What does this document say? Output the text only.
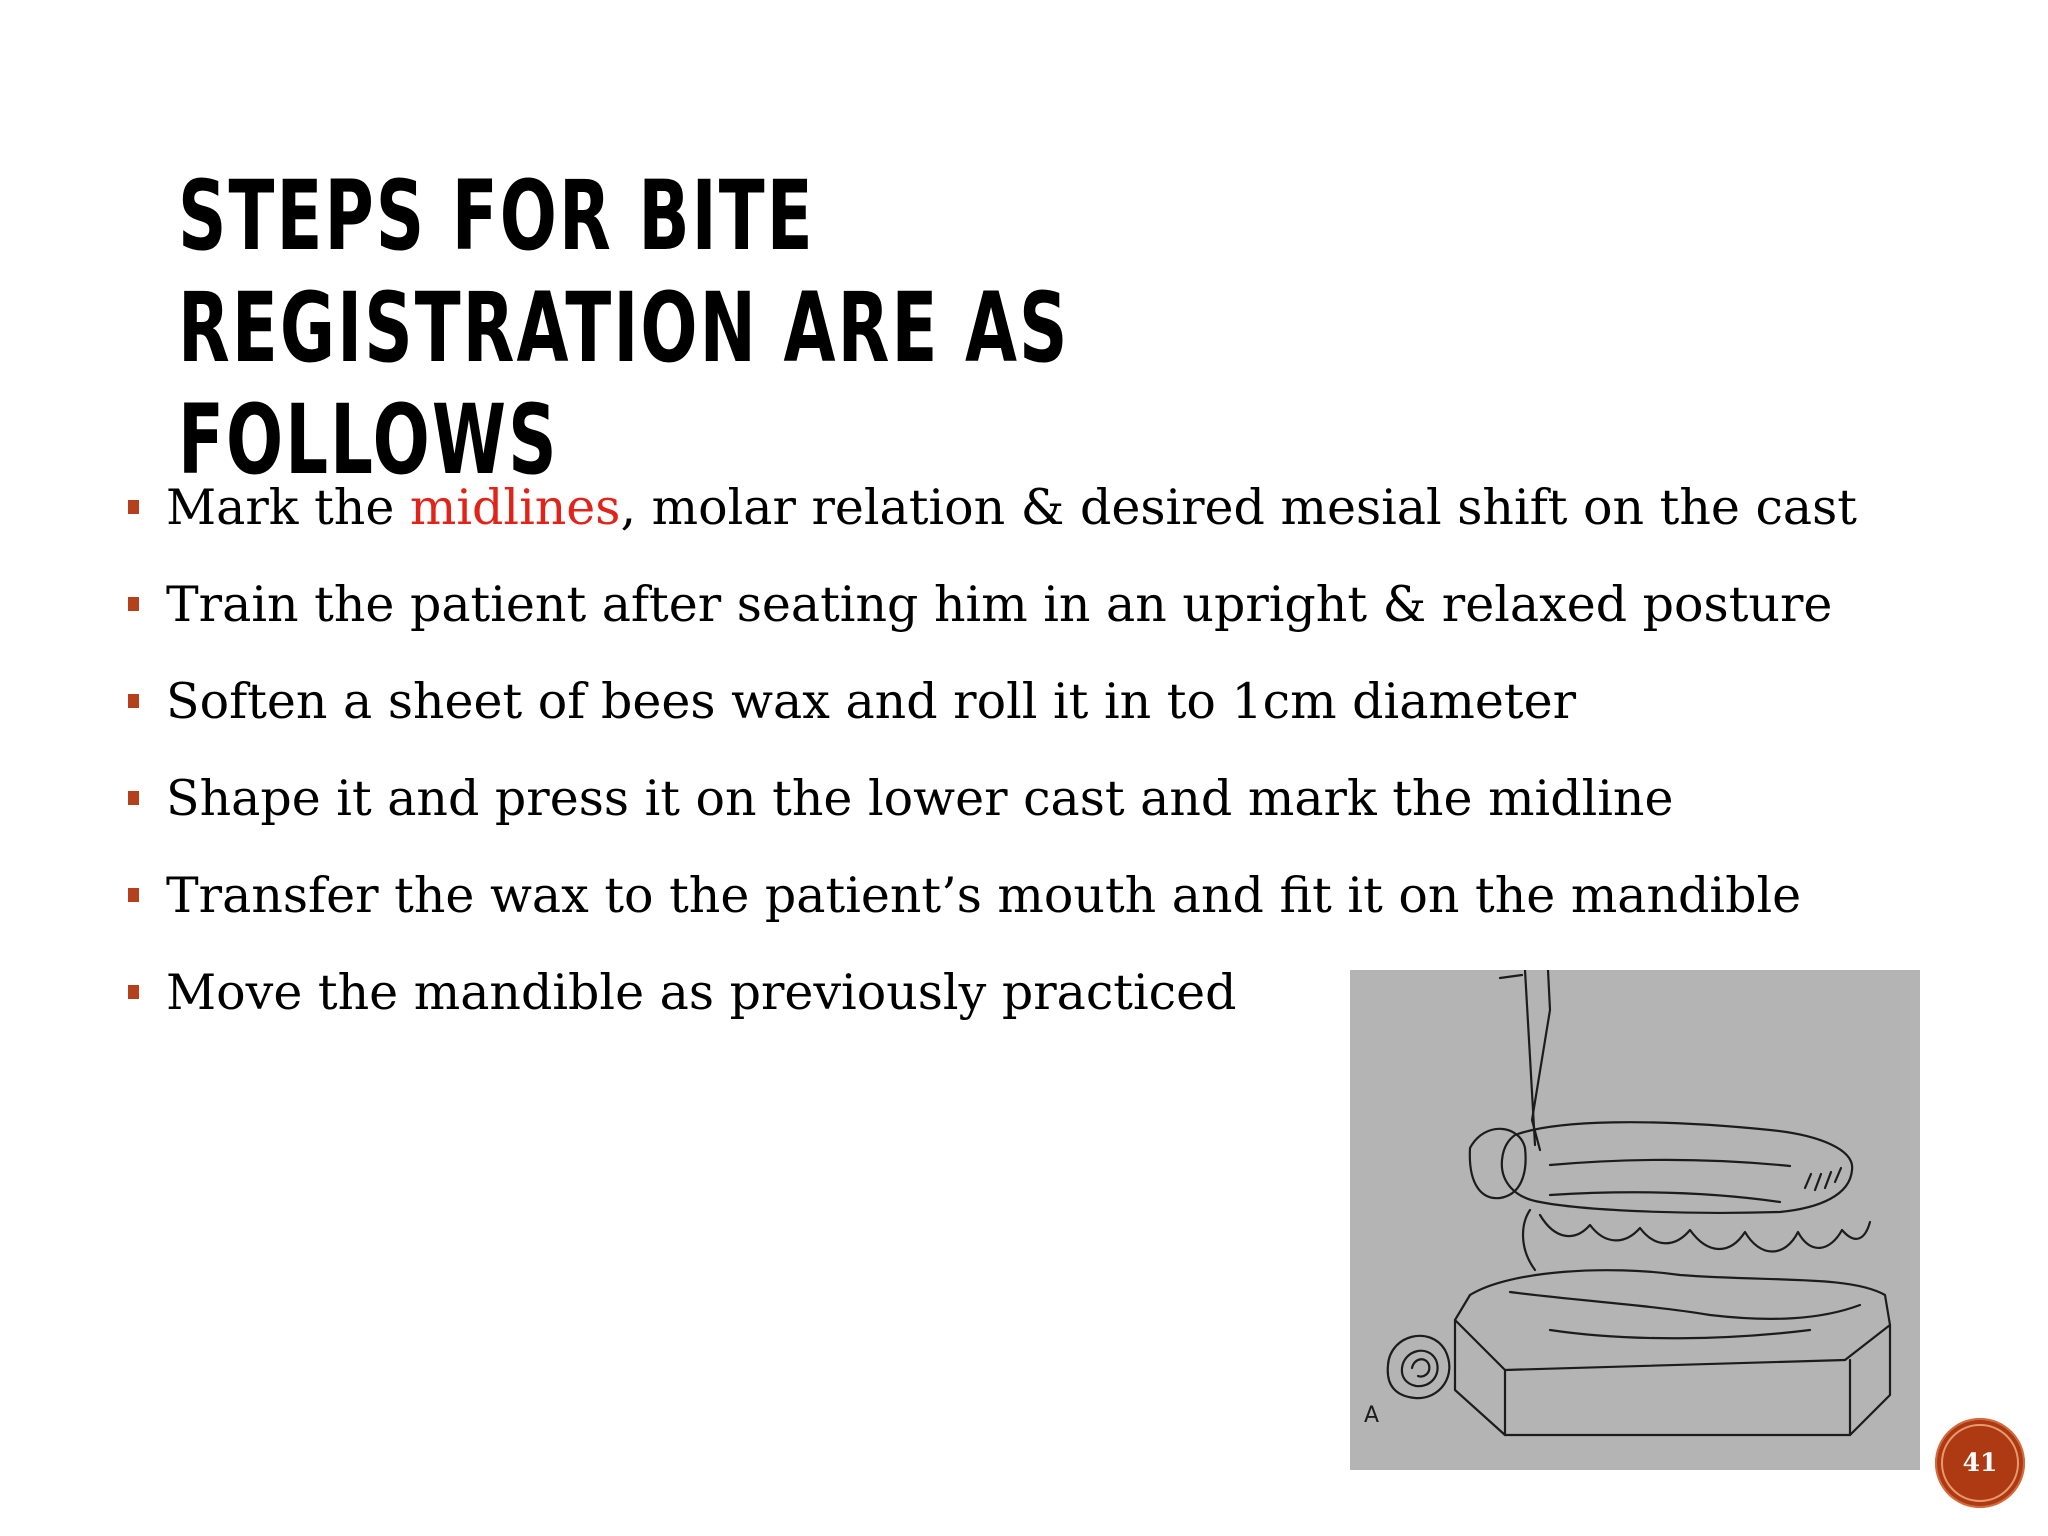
STEPS FOR BITE REGISTRATION ARE AS
FOLLOWS
Mark the midlines, molar relation & desired mesial shift on the cast
Train the patient after seating him in an upright & relaxed posture
Soften a sheet of bees wax and roll it in to 1cm diameter
Shape it and press it on the lower cast and mark the midline
Transfer the wax to the patient’s mouth and fit it on the mandible
Move the mandible as previously practiced
A
41
